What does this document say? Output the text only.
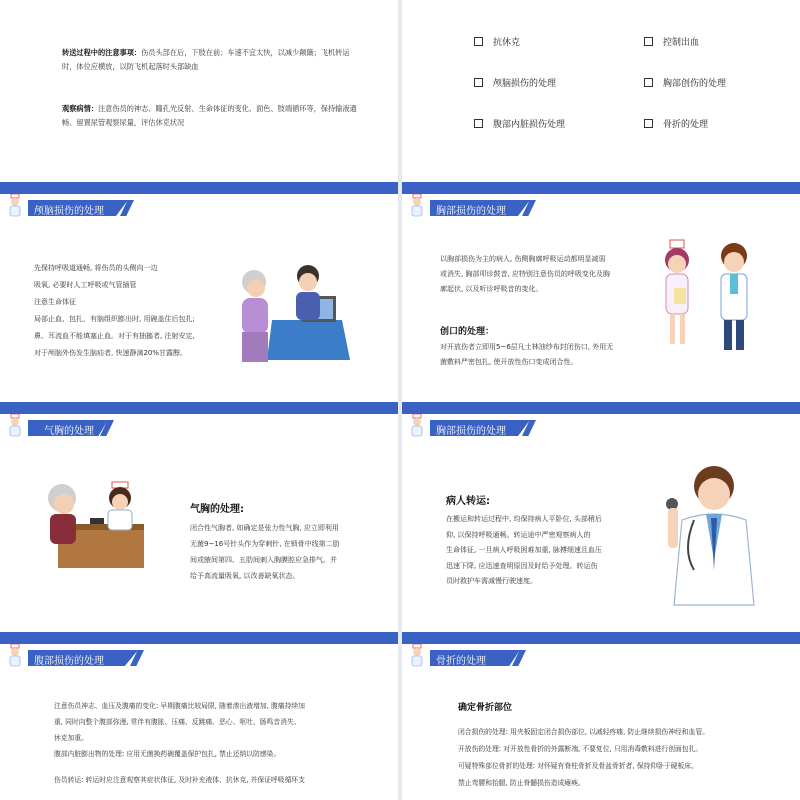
转送过程中的注意事项：伤员头部在后，下肢在前；车速不宜太快，以减少颠簸；飞机转运时，体位应横放，以防飞机起落时头部缺血
观察病情：注意伤员的神志、瞳孔光反射、生命体征的变化、面色、肢端循环等，保持输液通畅、留置尿管观察尿量，评估休克状况
抗休克	控制出血
颅脑损伤的处理	胸部创伤的处理
腹部内脏损伤处理	骨折的处理
颅脑损伤的处理
先保持呼吸道通畅, 将伤员的头侧向一边
吸氧, 必要时人工呼吸或气管插管
注意生命体征
局部止血、包扎，有脑组织膨出时, 用碗盖住后包扎;
鼻、耳流血不能填塞止血。对于有抽搐者, 注射安定,
对于颅脑外伤发生脑疝者, 快速静滴20%甘露醇。
胸部损伤的处理
以胸部损伤为主的病人, 伤侧胸廓呼吸运动都明显减弱
或消失, 胸部叩诊鼓音, 应特别注意伤员的呼吸变化及胸
廓起伏, 以及听诊呼吸音的变化。
创口的处理：
对开放伤者立即用5~6层凡士林油纱布封闭伤口, 外用无
菌敷料严密包扎, 使开放性伤口变成闭合性。
气胸的处理
气胸的处理:
闭合性气胸者, 如确定是张力性气胸, 应立即利用
无菌9~16号针头作为穿刺针, 在锁骨中线第二肋
间或腋间第四、五肋间刺入胸膜腔应急排气。并
给予高流量吸氧, 以改善缺氧状态。
胸部损伤的处理
病人转运:
在搬运和转运过程中, 均保持病人平卧位, 头部稍后
仰, 以保持呼吸通畅。转运途中严密观察病人的
生命体征, 一旦病人呼吸困难加重, 脉搏细速且血压
迅速下降, 应迅速查明原因及时给予处理。转运伤
员时救护车需减慢行驶速度。
腹部损伤的处理
注意伤员神志、血压及腹痛的变化: 早期腹痛比较局限, 随着渗出液增加, 腹痛持续加
重, 同时向整个腹部弥漫, 常伴有腹胀、压痛、反跳痛、恶心、呕吐、肠鸣音消失、
休克加重。
腹部内脏膨出物的处理: 应用无菌换药碗覆盖保护包扎, 禁止还纳以防感染。
伤员转运: 转运时应注意观察其症状体征, 及时补充液体、抗休克, 并保证呼吸循环支
骨折的处理
确定骨折部位
闭合损伤的处理: 用夹板固定闭合损伤部位, 以减轻疼痛, 防止继续损伤神经和血管。
开放伤的处理: 对开放性骨折的外露断端, 不要复位, 只用消毒敷料进行创面包扎。
可疑特殊部位骨折的处理: 对怀疑有脊柱骨折及骨盆骨折者, 保持仰卧于硬板床。
禁止弯腰和抬腿, 防止脊髓损伤造成瘫痪。
